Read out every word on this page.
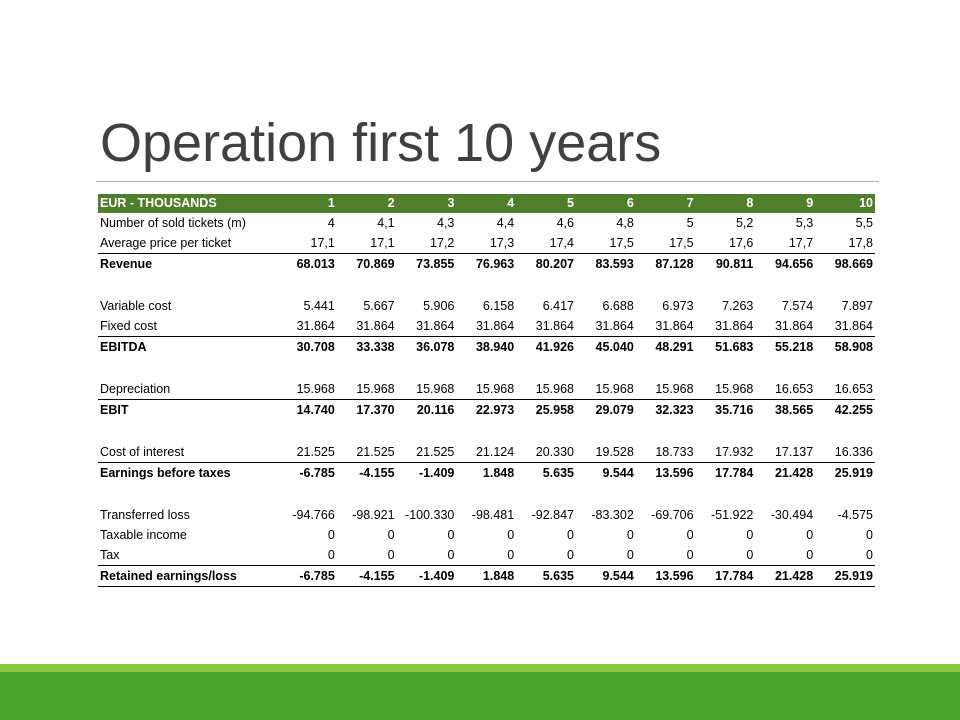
Operation first 10 years
EUR - THOUSANDS	1	2	3	4	5	6	7	8	9	10
Number of sold tickets (m)	4	4,1	4,3	4,4	4,6	4,8	5	5,2	5,3	5,5
Average price per ticket	17,1	17,1	17,2	17,3	17,4	17,5	17,5	17,6	17,7	17,8
Revenue	68.013	70.869	73.855	76.963	80.207	83.593	87.128	90.811	94.656	98.669

Variable cost	5.441	5.667	5.906	6.158	6.417	6.688	6.973	7.263	7.574	7.897
Fixed cost	31.864	31.864	31.864	31.864	31.864	31.864	31.864	31.864	31.864	31.864
EBITDA	30.708	33.338	36.078	38.940	41.926	45.040	48.291	51.683	55.218	58.908

Depreciation	15.968	15.968	15.968	15.968	15.968	15.968	15.968	15.968	16.653	16.653
EBIT	14.740	17.370	20.116	22.973	25.958	29.079	32.323	35.716	38.565	42.255

Cost of interest	21.525	21.525	21.525	21.124	20.330	19.528	18.733	17.932	17.137	16.336
Earnings before taxes	-6.785	-4.155	-1.409	1.848	5.635	9.544	13.596	17.784	21.428	25.919

Transferred loss	-94.766	-98.921	-100.330	-98.481	-92.847	-83.302	-69.706	-51.922	-30.494	-4.575
Taxable income	0	0	0	0	0	0	0	0	0	0
Tax	0	0	0	0	0	0	0	0	0	0
Retained earnings/loss	-6.785	-4.155	-1.409	1.848	5.635	9.544	13.596	17.784	21.428	25.919
